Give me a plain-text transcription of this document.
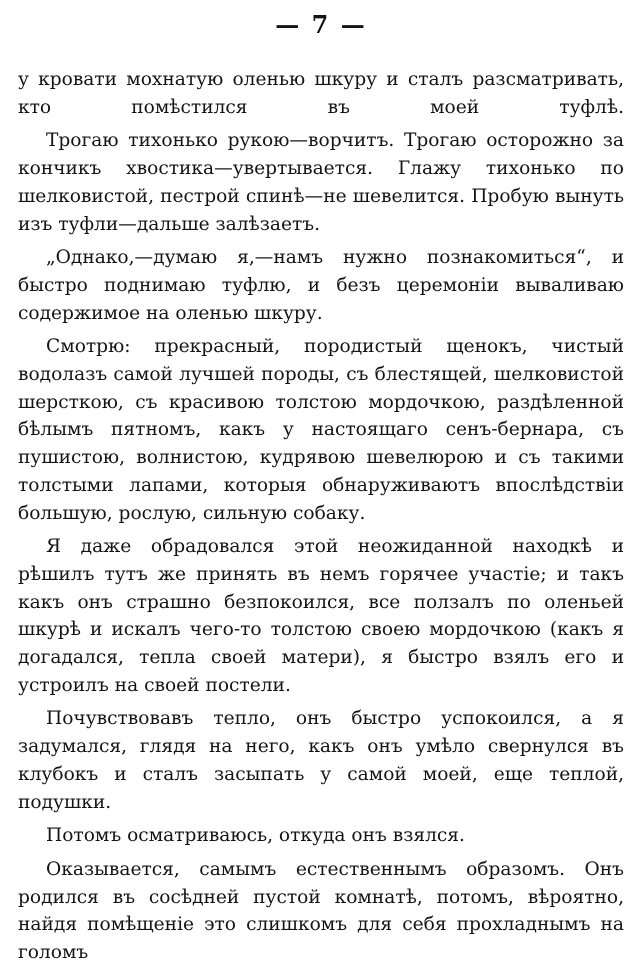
— 7 —

у кровати мохнатую оленью шкуру и сталъ разсматривать, кто помѣстился въ моей туфлѣ.

Трогаю тихонько рукою—ворчитъ. Трогаю осторожно за кончикъ хвостика—увертывается. Глажу тихонько по шелковистой, пестрой спинѣ—не шевелится. Пробую вынуть изъ туфли—дальше залѣзаетъ.

„Однако,—думаю я,—намъ нужно познакомиться“, и быстро поднимаю туфлю, и безъ церемоніи вываливаю содержимое на оленью шкуру.

Смотрю: прекрасный, породистый щенокъ, чистый водолазъ самой лучшей породы, съ блестящей, шелковистой шерсткою, съ красивою толстою мордочкою, раздѣленной бѣлымъ пятномъ, какъ у настоящаго сенъ-бернара, съ пушистою, волнистою, кудрявою шевелюрою и съ такими толстыми лапами, которыя обнаруживаютъ впослѣдствіи большую, рослую, сильную собаку.

Я даже обрадовался этой неожиданной находкѣ и рѣшилъ тутъ же принять въ немъ горячее участіе; и такъ какъ онъ страшно безпокоился, все ползалъ по оленьей шкурѣ и искалъ чего-то толстою своею мордочкою (какъ я догадался, тепла своей матери), я быстро взялъ его и устроилъ на своей постели.

Почувствовавъ тепло, онъ быстро успокоился, а я задумался, глядя на него, какъ онъ умѣло свернулся въ клубокъ и сталъ засыпать у самой моей, еще теплой, подушки.

Потомъ осматриваюсь, откуда онъ взялся.

Оказывается, самымъ естественнымъ образомъ. Онъ родился въ сосѣдней пустой комнатѣ, потомъ, вѣроятно, найдя помѣщеніе это слишкомъ для себя прохладнымъ на голомъ
